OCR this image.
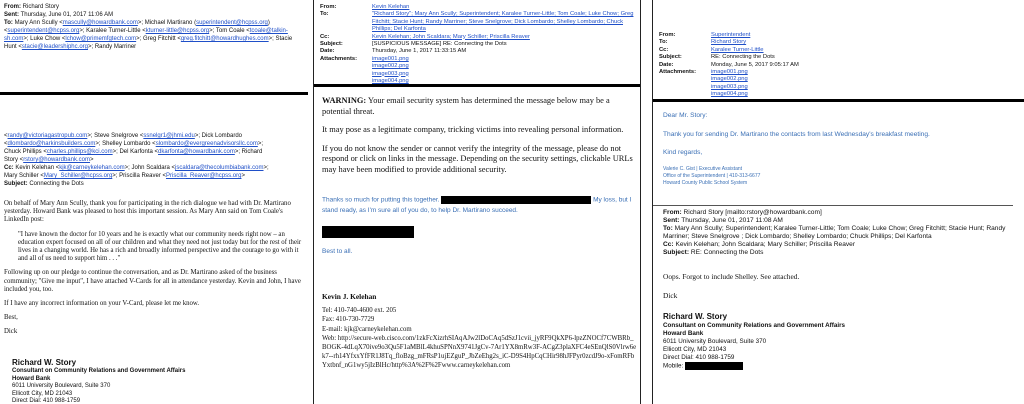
From: Richard Story
Sent: Thursday, June 01, 2017 11:06 AM
To: Mary Ann Scully <mascully@howardbank.com>; Michael Martirano (superintendent@hcpss.org) <superintendent@hcpss.org>; Karalee Turner-Little <kturner-little@hcpss.org>; Tom Coale <tcoale@talkin-sh.com>; Luke Chow <lchow@primemfgtech.com>; Greg Fitchitt <greg.fitchitt@howardhughes.com>; Stacie Hunt <stacie@leadershiphc.org>; Randy Marriner
<randy@victoriagastropub.com>; Steve Snelgrove <ssnelgr1@jhmi.edu>; Dick Lombardo
<dlombardo@harkinsbuilders.com>; Shelley Lombardo <slombardo@evergreenadvisorsllc.com>;
Chuck Phillips <charles.phillips@kci.com>; Del Karfonta <dkarfonta@howardbank.com>; Richard
Story <rstory@howardbank.com>
Cc: Kevin Kelehan <kjk@carneykelehan.com>; John Scaldara <jscaldara@thecolumbiabank.com>;
Mary Schiller <Mary_Schiller@hcpss.org>; Priscilla Reaver <Priscilla_Reaver@hcpss.org>
Subject: Connecting the Dots

On behalf of Mary Ann Scully, thank you for participating in the rich dialogue we had with Dr. Martirano yesterday. Howard Bank was pleased to host this important session. As Mary Ann said on Tom Coale's LinkedIn post:

"I have known the doctor for 10 years and he is exactly what our community needs right now – an education expert focused on all of our children and what they need not just today but for the rest of their lives in a changing world. He has a rich and broadly informed perspective and the courage to go with it and all of us need to support him . . ."

Following up on our pledge to continue the conversation, and as Dr. Martirano asked of the business community; "Give me input", I have attached V-Cards for all in attendance yesterday. Kevin and John, I have included you, too.

If I have any incorrect information on your V-Card, please let me know.

Best,

Dick

Richard W. Story
Consultant on Community Relations and Government Affairs
Howard Bank
6011 University Boulevard, Suite 370
Ellicott City, MD 21043
Direct Dial: 410 988-1759
From:	Kevin Kelehan
To:	"Richard Story"; Mary Ann Scully; Superintendent; Karalee Turner-Little; Tom Coale; Luke Chow; Greg Fitchitt; Stacie Hunt; Randy Marriner; Steve Snelgrove; Dick Lombardo; Shelley Lombardo; Chuck Phillips; Del Karfonta
Cc:	Kevin Kelehan; John Scaldara; Mary Schiller; Priscilla Reaver
Subject:	[SUSPICIOUS MESSAGE] RE: Connecting the Dots
Date:	Thursday, June 1, 2017 11:33:15 AM
Attachments:	image001.png
image002.png
image003.png
image004.png

WARNING: Your email security system has determined the message below may be a potential threat.

It may pose as a legitimate company, tricking victims into revealing personal information.

If you do not know the sender or cannot verify the integrity of the message, please do not respond or click on links in the message. Depending on the security settings, clickable URLs may have been modified to provide additional security.

Thanks so much for putting this together.	My loss, but I
stand ready, as I'm sure all of you do, to help Dr. Martirano succeed.
Best to all.
Kevin J. Kelehan
Tel: 410-740-4600 ext. 205
Fax: 410-730-7729
E-mail: kjk@carneykelehan.com
Web: http://secure-web.cisco.com/1zkFcXizrhSIAqAJw2lDoCAq5dSzJ1cvii_jyRF9QkXP6-lpzZNOCf7CWBRb_BOGK-4dLqX70ive9o3Qu5F1aMBlL4khuSPNnX9741JgCv-7Ar1YX8mRw3F-ACgZ3plaXFC4eSEnQlS0Vlrw6ek7--rh14YfxxYfFR1J8Tq_floBzg_mFRsP1ujEZguP_JbZeEhg2s_iC-D9S4HpCqCHir98hJFPyr0zcdJ9o-xFomRFbYxtbnf_nG1wy5jIzBlHc/http%3A%2F%2Fwww.carneykelehan.com
From:	Superintendent
To:	Richard Story
Cc:	Karalee Turner-Little
Subject:	RE: Connecting the Dots
Date:	Monday, June 5, 2017 9:05:17 AM
Attachments:	image001.png
image002.png
image003.png
image004.png
Dear Mr. Story:
Thank you for sending Dr. Martirano the contacts from last Wednesday's breakfast meeting.
Kind regards,
Valerie C. Gist | Executive Assistant
Office of the Superintendent | 410-313-6677
Howard County Public School System
From: Richard Story [mailto:rstory@howardbank.com]
Sent: Thursday, June 01, 2017 11:08 AM
To: Mary Ann Scully; Superintendent; Karalee Turner-Little; Tom Coale; Luke Chow; Greg Fitchitt; Stacie Hunt; Randy Marriner; Steve Snelgrove ; Dick Lombardo; Shelley Lombardo; Chuck Phillips; Del Karfonta
Cc: Kevin Kelehan; John Scaldara; Mary Schiller; Priscilla Reaver
Subject: RE: Connecting the Dots
Oops. Forgot to include Shelley. See attached.
Dick
Richard W. Story
Consultant on Community Relations and Government Affairs
Howard Bank
6011 University Boulevard, Suite 370
Ellicott City, MD 21043
Direct Dial: 410 988-1759
Mobile:
